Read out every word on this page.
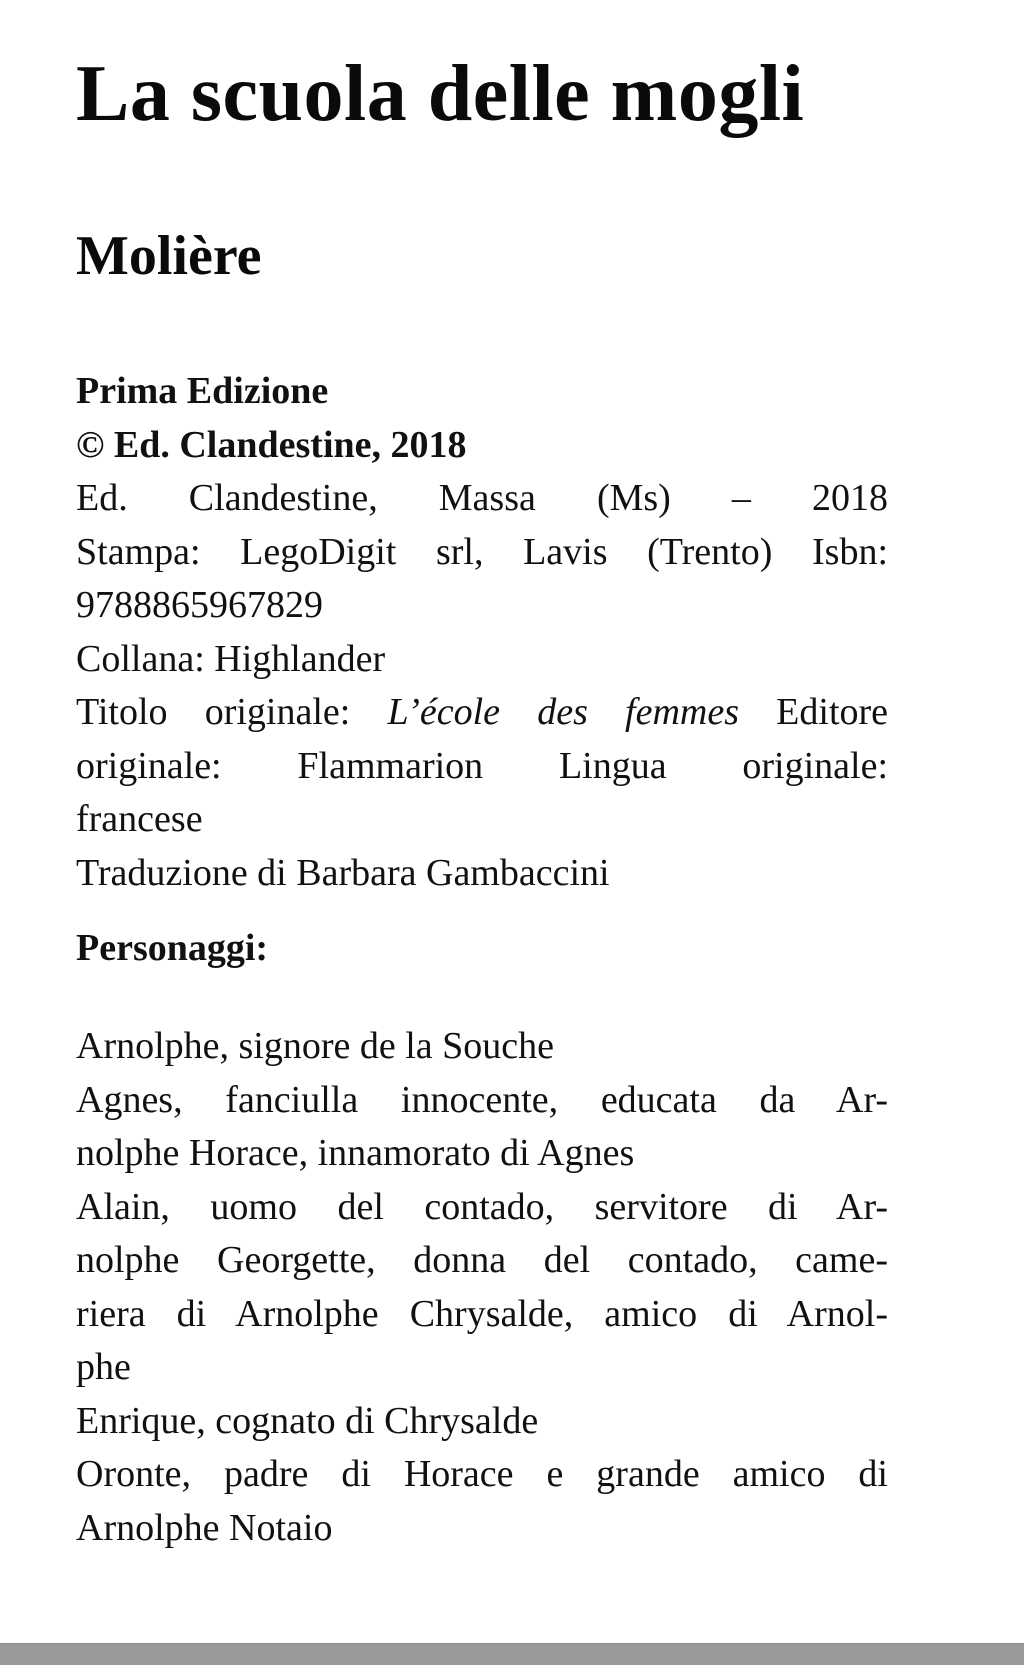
La scuola delle mogli
Molière
Prima Edizione
© Ed. Clandestine, 2018
Ed. Clandestine, Massa (Ms) – 2018
Stampa: LegoDigit srl, Lavis (Trento) Isbn:
9788865967829
Collana: Highlander
Titolo originale: L’école des femmes Editore
originale: Flammarion Lingua originale:
francese
Traduzione di Barbara Gambaccini
Personaggi:
Arnolphe, signore de la Souche
Agnes, fanciulla innocente, educata da Ar-
nolphe Horace, innamorato di Agnes
Alain, uomo del contado, servitore di Ar-
nolphe Georgette, donna del contado, came-
riera di Arnolphe Chrysalde, amico di Arnol-
phe
Enrique, cognato di Chrysalde
Oronte, padre di Horace e grande amico di
Arnolphe Notaio
